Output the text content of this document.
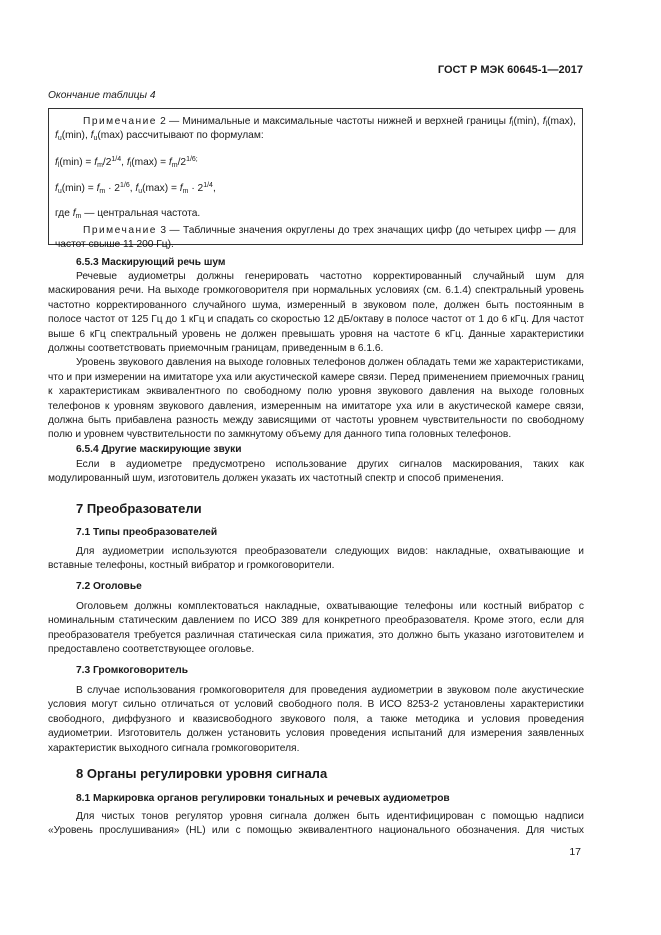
ГОСТ Р МЭК 60645-1—2017
Окончание таблицы 4

Примечание 2 — Минимальные и максимальные частоты нижней и верхней границы $f_l(\min)$, $f_l(\max)$, $f_u(\min)$, $f_u(\max)$ рассчитывают по формулам:

$f_l(\min) = f_m/2^{1/4}$, $f_l(\max) = f_m/2^{1/6;}$

$f_u(\min) = f_m \cdot 2^{1/6}$, $f_u(\max) = f_m \cdot 2^{1/4}$,

где $f_m$ — центральная частота.

Примечание 3 — Табличные значения округлены до трех значащих цифр (до четырех цифр — для частот свыше 11 200 Гц).

6.5.3 Маскирующий речь шум

Речевые аудиометры должны генерировать частотно корректированный случайный шум для маскирования речи. На выходе громкоговорителя при нормальных условиях (см. 6.1.4) спектральный уровень частотно корректированного случайного шума, измеренный в звуковом поле, должен быть постоянным в полосе частот от 125 Гц до 1 кГц и спадать со скоростью 12 дБ/октаву в полосе частот от 1 до 6 кГц. Для частот выше 6 кГц спектральный уровень не должен превышать уровня на частоте 6 кГц. Данные характеристики должны соответствовать приемочным границам, приведенным в 6.1.6.

Уровень звукового давления на выходе головных телефонов должен обладать теми же характеристиками, что и при измерении на имитаторе уха или акустической камере связи. Перед применением приемочных границ к характеристикам эквивалентного по свободному полю уровня звукового давления на выходе головных телефонов к уровням звукового давления, измеренным на имитаторе уха или в акустической камере связи, должна быть прибавлена разность между зависящими от частоты уровнем чувствительности по свободному полю и уровнем чувствительности по замкнутому объему для данного типа головных телефонов.

6.5.4 Другие маскирующие звуки

Если в аудиометре предусмотрено использование других сигналов маскирования, таких как модулированный шум, изготовитель должен указать их частотный спектр и способ применения.

7 Преобразователи
7.1 Типы преобразователей

Для аудиометрии используются преобразователи следующих видов: накладные, охватывающие и вставные телефоны, костный вибратор и громкоговорители.

7.2 Оголовье

Оголовьем должны комплектоваться накладные, охватывающие телефоны или костный вибратор с номинальным статическим давлением по ИСО 389 для конкретного преобразователя. Кроме этого, если для преобразователя требуется различная статическая сила прижатия, это должно быть указано изготовителем и предоставлено соответствующее оголовье.

7.3 Громкоговоритель

В случае использования громкоговорителя для проведения аудиометрии в звуковом поле акустические условия могут сильно отличаться от условий свободного поля. В ИСО 8253-2 установлены характеристики свободного, диффузного и квазисвободного звукового поля, а также методика и условия проведения аудиометрии. Изготовитель должен установить условия проведения испытаний для измерения заявленных характеристик выходного сигнала громкоговорителя.

8 Органы регулировки уровня сигнала
8.1 Маркировка органов регулировки тональных и речевых аудиометров

Для чистых тонов регулятор уровня сигнала должен быть идентифицирован с помощью надписи «Уровень прослушивания» (HL) или с помощью эквивалентного национального обозначения. Для чистых

17
